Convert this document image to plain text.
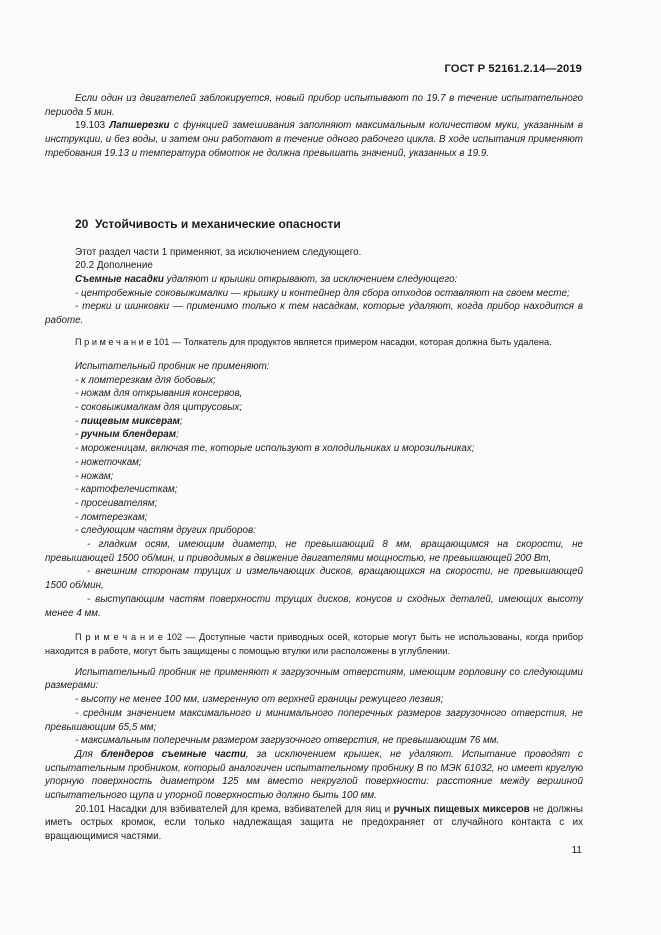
ГОСТ Р 52161.2.14—2019

Если один из двигателей заблокируется, новый прибор испытывают по 19.7 в течение испытательного периода 5 мин.

19.103 Лапшерезки с функцией замешивания заполняют максимальным количеством муки, указанным в инструкции, и без воды, и затем они работают в течение одного рабочего цикла. В ходе испытания применяют требования 19.13 и температура обмоток не должна превышать значений, указанных в 19.9.

20 Устойчивость и механические опасности

Этот раздел части 1 применяют, за исключением следующего.

20.2 Дополнение

Съемные насадки удаляют и крышки открывают, за исключением следующего:

- центробежные соковыжималки — крышку и контейнер для сбора отходов оставляют на своем месте;

- терки и шинковки — применимо только к тем насадкам, которые удаляют, когда прибор находится в работе.

П р и м е ч а н и е 101 — Толкатель для продуктов является примером насадки, которая должна быть удалена.

Испытательный пробник не применяют:

- к ломтерезкам для бобовых;

- ножам для открывания консервов,

- соковыжималкам для цитрусовых;

- пищевым миксерам;

- ручным блендерам;

- мороженицам, включая те, которые используют в холодильниках и морозильниках;

- ножеточкам;

- ножам;

- картофелечисткам;

- просеивателям;

- ломтерезкам;

- следующим частям других приборов:

- гладким осям, имеющим диаметр, не превышающий 8 мм, вращающимся на скорости, не превышающей 1500 об/мин, и приводимых в движение двигателями мощностью, не превышающей 200 Вт,

- внешним сторонам трущих и измельчающих дисков, вращающихся на скорости, не превышающей 1500 об/мин,

- выступающим частям поверхности трущих дисков, конусов и сходных деталей, имеющих высоту менее 4 мм.

П р и м е ч а н и е 102 — Доступные части приводных осей, которые могут быть не использованы, когда прибор находится в работе, могут быть защищены с помощью втулки или расположены в углублении.

Испытательный пробник не применяют к загрузочным отверстиям, имеющим горловину со следующими размерами:

- высоту не менее 100 мм, измеренную от верхней границы режущего лезвия;

- средним значением максимального и минимального поперечных размеров загрузочного отверстия, не превышающим 65,5 мм;

- максимальным поперечным размером загрузочного отверстия, не превышающим 76 мм.

Для блендеров съемные части, за исключением крышек, не удаляют. Испытание проводят с испытательным пробником, который аналогичен испытательному пробнику В по МЭК 61032, но имеет круглую упорную поверхность диаметром 125 мм вместо некруглой поверхности: расстояние между вершиной испытательного щупа и упорной поверхностью должно быть 100 мм.

20.101 Насадки для взбивателей для крема, взбивателей для яиц и ручных пищевых миксеров не должны иметь острых кромок, если только надлежащая защита не предохраняет от случайного контакта с их вращающимися частями.

11
